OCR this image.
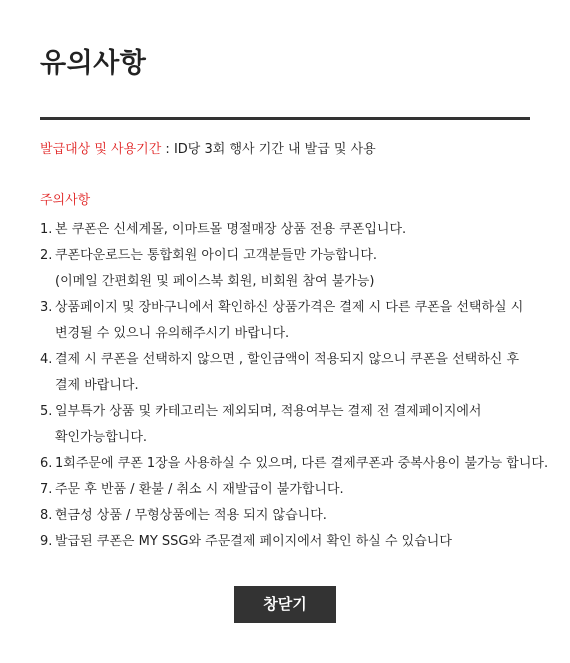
유의사항
발급대상 및 사용기간 : ID당 3회 행사 기간 내 발급 및 사용
주의사항
1. 본 쿠폰은 신세계몰, 이마트몰 명절매장 상품 전용 쿠폰입니다.
2. 쿠폰다운로드는 통합회원 아이디 고객분들만 가능합니다.
(이메일 간편회원 및 페이스북 회원, 비회원 참여 불가능)
3. 상품페이지 및 장바구니에서 확인하신 상품가격은 결제 시 다른 쿠폰을 선택하실 시
변경될 수 있으니 유의해주시기 바랍니다.
4. 결제 시 쿠폰을 선택하지 않으면 , 할인금액이 적용되지 않으니 쿠폰을 선택하신 후
결제 바랍니다.
5. 일부특가 상품 및 카테고리는 제외되며, 적용여부는 결제 전 결제페이지에서
확인가능합니다.
6. 1회주문에 쿠폰 1장을 사용하실 수 있으며, 다른 결제쿠폰과 중복사용이 불가능 합니다.
7. 주문 후 반품 / 환불 / 취소 시 재발급이 불가합니다.
8. 현금성 상품 / 무형상품에는 적용 되지 않습니다.
9. 발급된 쿠폰은 MY SSG와 주문결제 페이지에서 확인 하실 수 있습니다
창닫기
